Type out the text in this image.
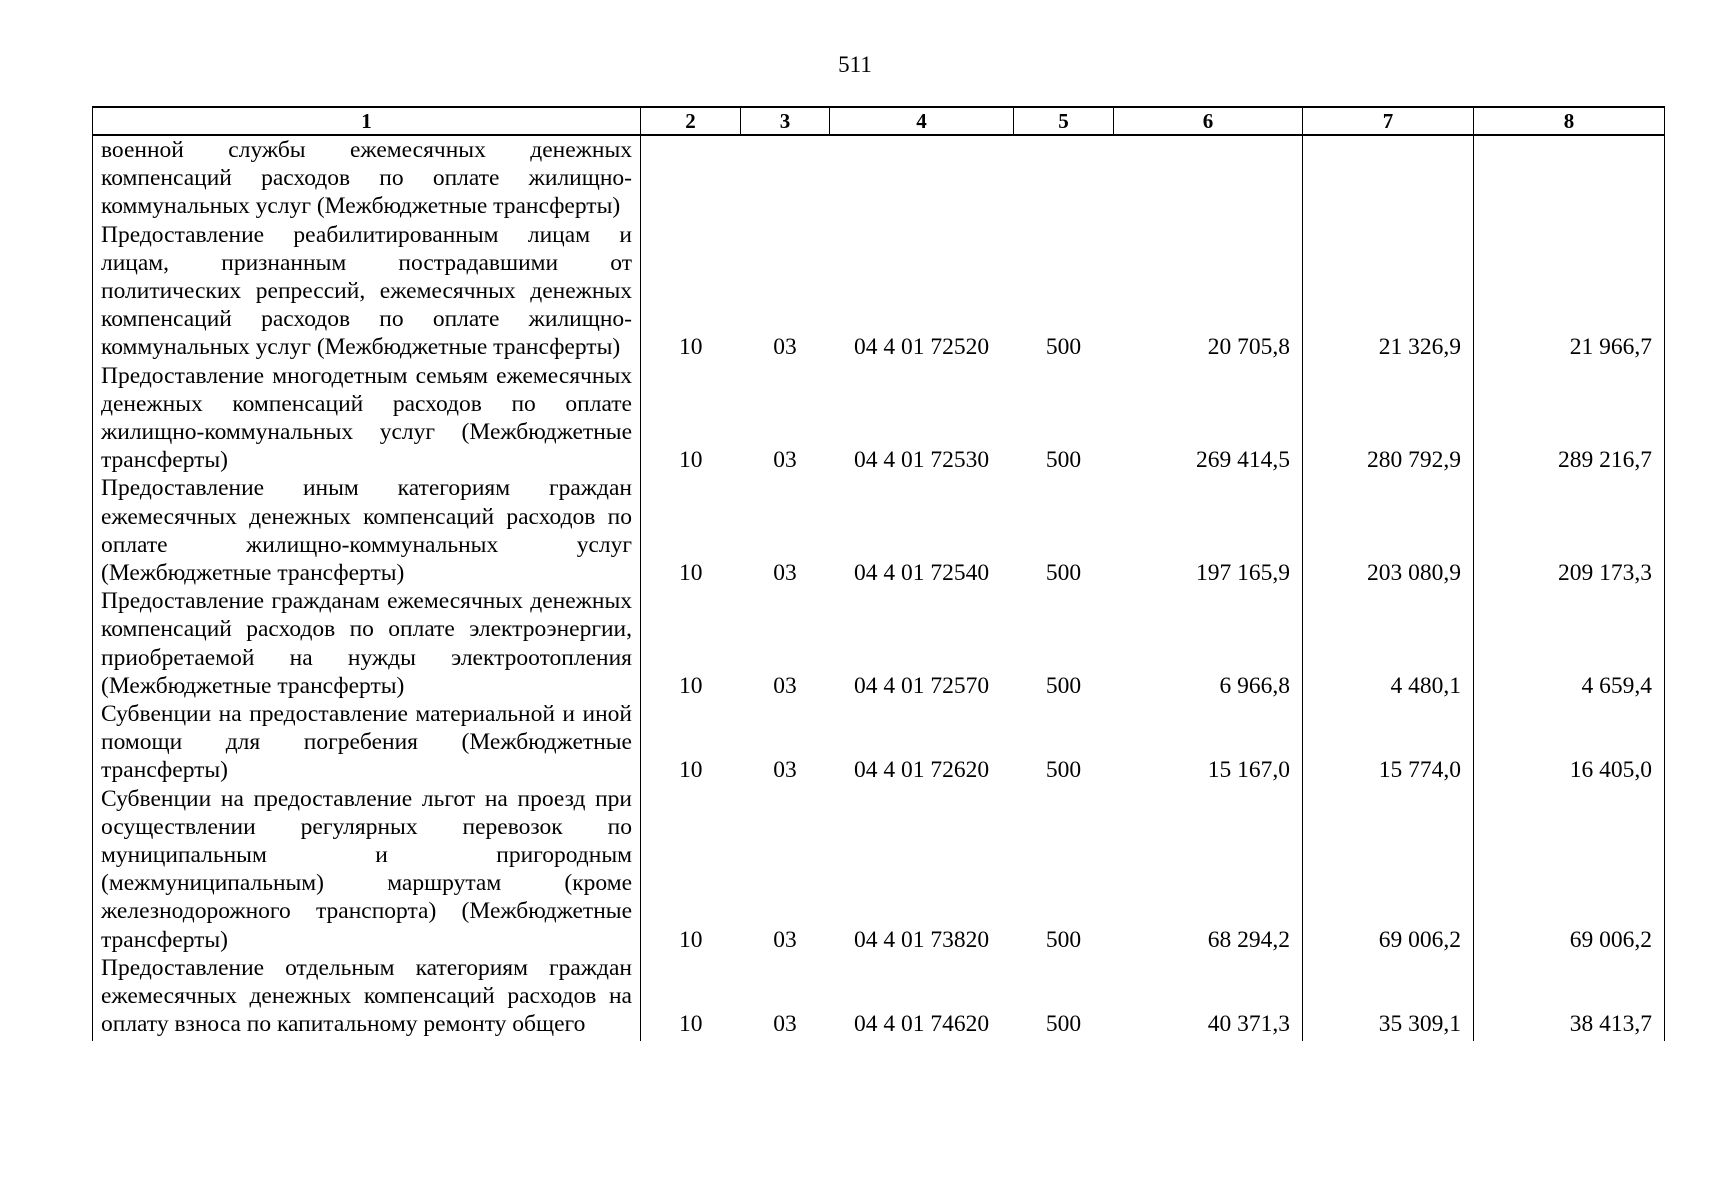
511
1	2	3	4	5	6	7	8
военной службы ежемесячных денежных компенсаций расходов по оплате жилищно-коммунальных услуг (Межбюджетные трансферты)							
Предоставление реабилитированным лицам и лицам, признанным пострадавшими от политических репрессий, ежемесячных денежных компенсаций расходов по оплате жилищно-коммунальных услуг (Межбюджетные трансферты)	10	03	04 4 01 72520	500	20 705,8	21 326,9	21 966,7
Предоставление многодетным семьям ежемесячных денежных компенсаций расходов по оплате жилищно-коммунальных услуг (Межбюджетные трансферты)	10	03	04 4 01 72530	500	269 414,5	280 792,9	289 216,7
Предоставление иным категориям граждан ежемесячных денежных компенсаций расходов по оплате жилищно-коммунальных услуг (Межбюджетные трансферты)	10	03	04 4 01 72540	500	197 165,9	203 080,9	209 173,3
Предоставление гражданам ежемесячных денежных компенсаций расходов по оплате электроэнергии, приобретаемой на нужды электроотопления (Межбюджетные трансферты)	10	03	04 4 01 72570	500	6 966,8	4 480,1	4 659,4
Субвенции на предоставление материальной и иной помощи для погребения (Межбюджетные трансферты)	10	03	04 4 01 72620	500	15 167,0	15 774,0	16 405,0
Субвенции на предоставление льгот на проезд при осуществлении регулярных перевозок по муниципальным и пригородным (межмуниципальным) маршрутам (кроме железнодорожного транспорта) (Межбюджетные трансферты)	10	03	04 4 01 73820	500	68 294,2	69 006,2	69 006,2
Предоставление отдельным категориям граждан ежемесячных денежных компенсаций расходов на оплату взноса по капитальному ремонту общего	10	03	04 4 01 74620	500	40 371,3	35 309,1	38 413,7
